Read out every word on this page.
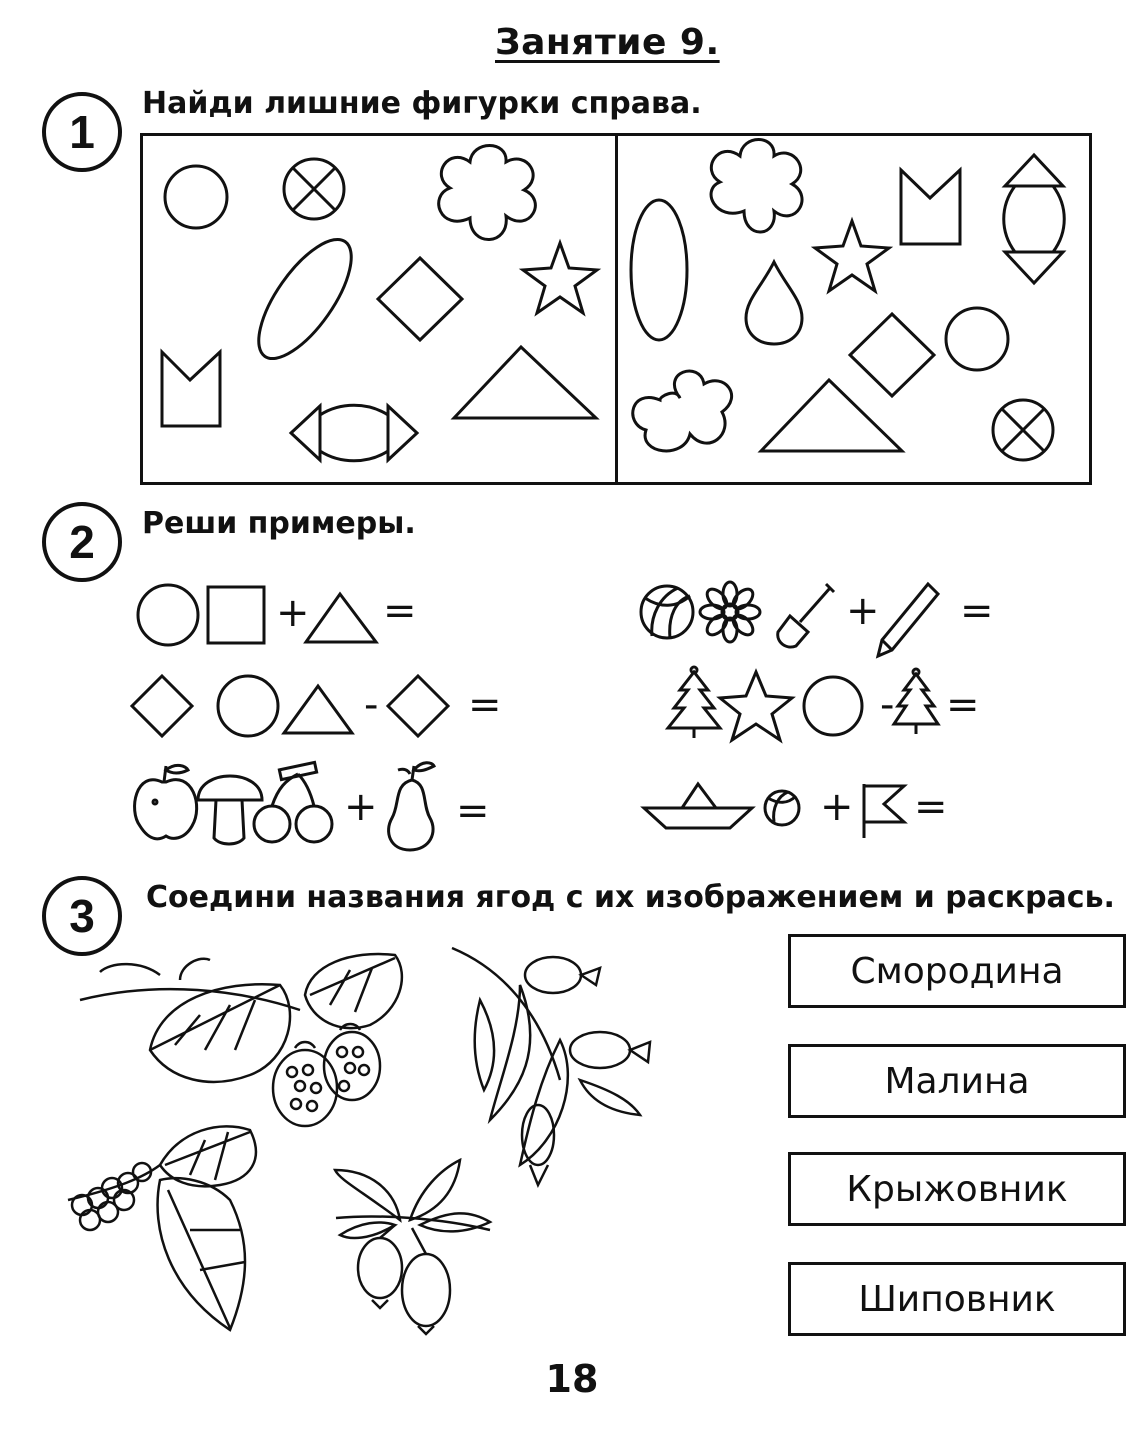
Занятие 9.
1
Найди лишние фигурки справа.
2	Реши примеры.
+ =
- =
+ =
+ =
- =
+ =
3	Соедини названия ягод с их изображением и раскрась.
Смородина
Малина
Крыжовник
Шиповник
18
